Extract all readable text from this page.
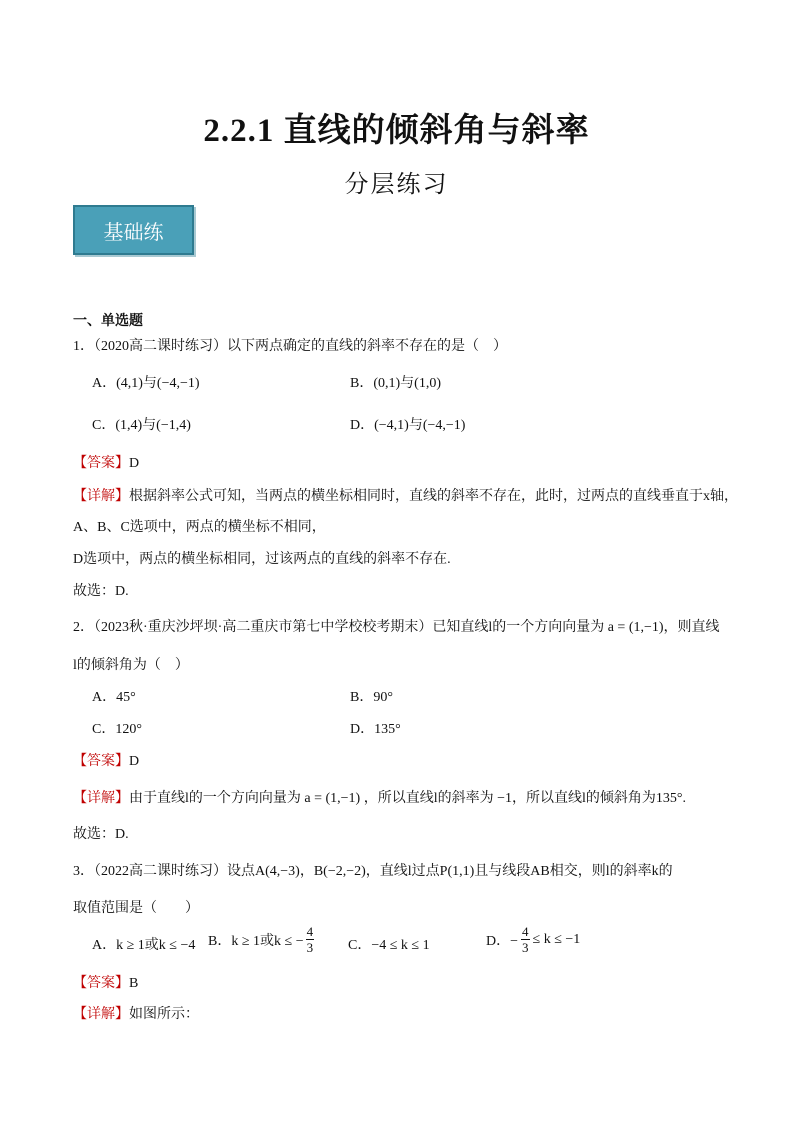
2.2.1 直线的倾斜角与斜率
分层练习
基础练
一、单选题
1．（2020高二课时练习）以下两点确定的直线的斜率不存在的是（　）
A．(4,1)与(−4,−1)	B．(0,1)与(1,0)
C．(1,4)与(−1,4)	D．(−4,1)与(−4,−1)
【答案】D
【详解】根据斜率公式可知，当两点的横坐标相同时，直线的斜率不存在，此时，过两点的直线垂直于x轴，
A、B、C选项中，两点的横坐标不相同，
D选项中，两点的横坐标相同，过该两点的直线的斜率不存在.
故选：D.
2．（2023秋·重庆沙坪坝·高二重庆市第七中学校校考期末）已知直线l的一个方向向量为 a = (1,−1)，则直线
l的倾斜角为（　）
A．45°	B．90°
C．120°	D．135°
【答案】D
【详解】由于直线l的一个方向向量为 a = (1,−1) ，所以直线l的斜率为 −1，所以直线l的倾斜角为135°.
故选：D.
3．（2022高二课时练习）设点A(4,−3)，B(−2,−2)，直线l过点P(1,1)且与线段AB相交，则l的斜率k的
取值范围是（　　）
A．k ≥ 1或k ≤ −4 B．k ≥ 1或k ≤ − $\frac{4}{3}$ C．−4 ≤ k ≤ 1	D．− $\frac{4}{3} \le k \le -1$
【答案】B
【详解】如图所示：
